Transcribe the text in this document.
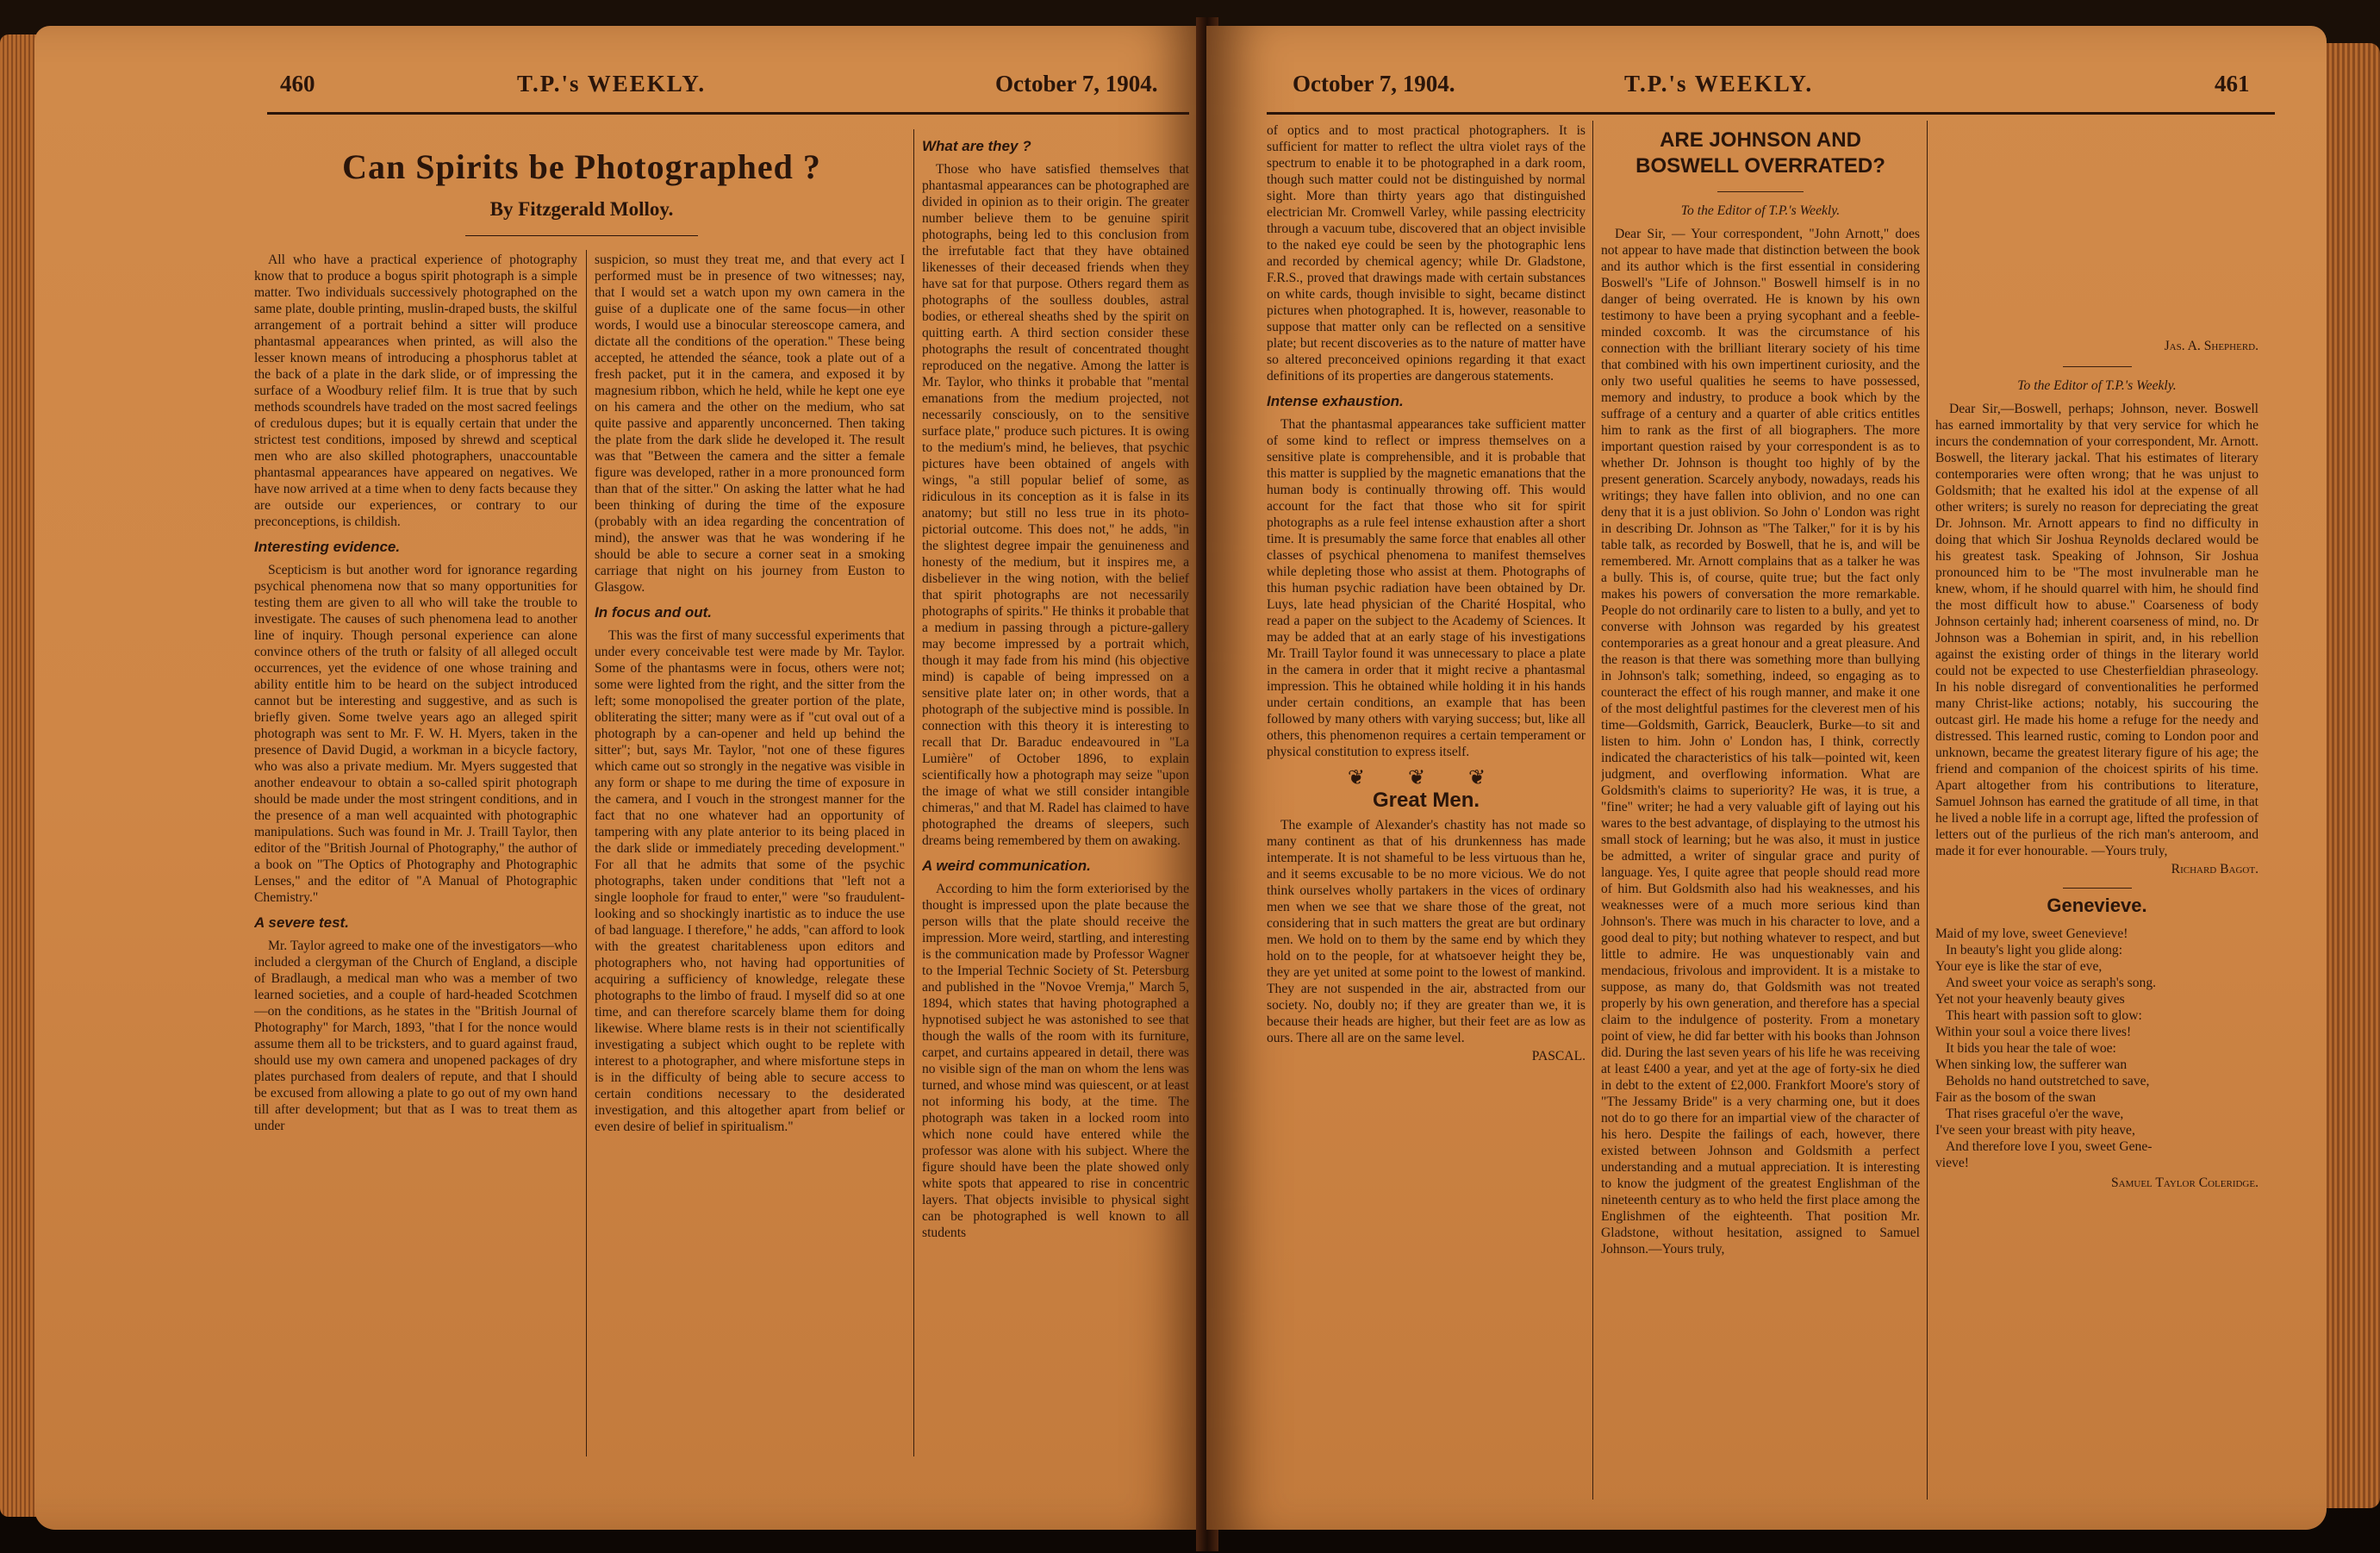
460	T.P.'s WEEKLY.	October 7, 1904.
Can Spirits be Photographed ?
By Fitzgerald Molloy.

All who have a practical experience of photography know that to produce a bogus spirit photograph is a simple matter. Two individuals successively photographed on the same plate, double printing, muslin-draped busts, the skilful arrangement of a portrait behind a sitter will produce phantasmal appearances when printed, as will also the lesser known means of introducing a phosphorus tablet at the back of a plate in the dark slide, or of impressing the surface of a Woodbury relief film. It is true that by such methods scoundrels have traded on the most sacred feelings of credulous dupes; but it is equally certain that under the strictest test conditions, imposed by shrewd and sceptical men who are also skilled photographers, unaccountable phantasmal appearances have appeared on negatives. We have now arrived at a time when to deny facts because they are outside our experiences, or contrary to our preconceptions, is childish.

Interesting evidence.

Scepticism is but another word for ignorance regarding psychical phenomena now that so many opportunities for testing them are given to all who will take the trouble to investigate. The causes of such phenomena lead to another line of inquiry. Though personal experience can alone convince others of the truth or falsity of all alleged occult occurrences, yet the evidence of one whose training and ability entitle him to be heard on the subject introduced cannot but be interesting and suggestive, and as such is briefly given. Some twelve years ago an alleged spirit photograph was sent to Mr. F. W. H. Myers, taken in the presence of David Dugid, a workman in a bicycle factory, who was also a private medium. Mr. Myers suggested that another endeavour to obtain a so-called spirit photograph should be made under the most stringent conditions, and in the presence of a man well acquainted with photographic manipulations. Such was found in Mr. J. Traill Taylor, then editor of the "British Journal of Photography," the author of a book on "The Optics of Photography and Photographic Lenses," and the editor of "A Manual of Photographic Chemistry."

A severe test.

Mr. Taylor agreed to make one of the investigators—who included a clergyman of the Church of England, a disciple of Bradlaugh, a medical man who was a member of two learned societies, and a couple of hard-headed Scotchmen —on the conditions, as he states in the "British Journal of Photography" for March, 1893, "that I for the nonce would assume them all to be tricksters, and to guard against fraud, should use my own camera and unopened packages of dry plates purchased from dealers of repute, and that I should be excused from allowing a plate to go out of my own hand till after development; but that as I was to treat them as under

suspicion, so must they treat me, and that every act I performed must be in presence of two witnesses; nay, that I would set a watch upon my own camera in the guise of a duplicate one of the same focus—in other words, I would use a binocular stereoscope camera, and dictate all the conditions of the operation." These being accepted, he attended the séance, took a plate out of a fresh packet, put it in the camera, and exposed it by magnesium ribbon, which he held, while he kept one eye on his camera and the other on the medium, who sat quite passive and apparently unconcerned. Then taking the plate from the dark slide he developed it. The result was that "Between the camera and the sitter a female figure was developed, rather in a more pronounced form than that of the sitter." On asking the latter what he had been thinking of during the time of the exposure (probably with an idea regarding the concentration of mind), the answer was that he was wondering if he should be able to secure a corner seat in a smoking carriage that night on his journey from Euston to Glasgow.

In focus and out.

This was the first of many successful experiments that under every conceivable test were made by Mr. Taylor. Some of the phantasms were in focus, others were not; some were lighted from the right, and the sitter from the left; some monopolised the greater portion of the plate, obliterating the sitter; many were as if "cut oval out of a photograph by a can-opener and held up behind the sitter"; but, says Mr. Taylor, "not one of these figures which came out so strongly in the negative was visible in any form or shape to me during the time of exposure in the camera, and I vouch in the strongest manner for the fact that no one whatever had an opportunity of tampering with any plate anterior to its being placed in the dark slide or immediately preceding development." For all that he admits that some of the psychic photographs, taken under conditions that "left not a single loophole for fraud to enter," were "so fraudulent-looking and so shockingly inartistic as to induce the use of bad language. I therefore," he adds, "can afford to look with the greatest charitableness upon editors and photographers who, not having had opportunities of acquiring a sufficiency of knowledge, relegate these photographs to the limbo of fraud. I myself did so at one time, and can therefore scarcely blame them for doing likewise. Where blame rests is in their not scientifically investigating a subject which ought to be replete with interest to a photographer, and where misfortune steps in is in the difficulty of being able to secure access to certain conditions necessary to the desiderated investigation, and this altogether apart from belief or even desire of belief in spiritualism."

What are they ?

Those who have satisfied themselves that phantasmal appearances can be photographed are divided in opinion as to their origin. The greater number believe them to be genuine spirit photographs, being led to this conclusion from the irrefutable fact that they have obtained likenesses of their deceased friends when they have sat for that purpose. Others regard them as photographs of the soulless doubles, astral bodies, or ethereal sheaths shed by the spirit on quitting earth. A third section consider these photographs the result of concentrated thought reproduced on the negative. Among the latter is Mr. Taylor, who thinks it probable that "mental emanations from the medium projected, not necessarily consciously, on to the sensitive surface plate," produce such pictures. It is owing to the medium's mind, he believes, that psychic pictures have been obtained of angels with wings, "a still popular belief of some, as ridiculous in its conception as it is false in its anatomy; but still no less true in its photo-pictorial outcome. This does not," he adds, "in the slightest degree impair the genuineness and honesty of the medium, but it inspires me, a disbeliever in the wing notion, with the belief that spirit photographs are not necessarily photographs of spirits." He thinks it probable that a medium in passing through a picture-gallery may become impressed by a portrait which, though it may fade from his mind (his objective mind) is capable of being impressed on a sensitive plate later on; in other words, that a photograph of the subjective mind is possible. In connection with this theory it is interesting to recall that Dr. Baraduc endeavoured in "La Lumière" of October 1896, to explain scientifically how a photograph may seize "upon the image of what we still consider intangible chimeras," and that M. Radel has claimed to have photographed the dreams of sleepers, such dreams being remembered by them on awaking.

A weird communication.

According to him the form exteriorised by the thought is impressed upon the plate because the person wills that the plate should receive the impression. More weird, startling, and interesting is the communication made by Professor Wagner to the Imperial Technic Society of St. Petersburg and published in the "Novoe Vremja," March 5, 1894, which states that having photographed a hypnotised subject he was astonished to see that though the walls of the room with its furniture, carpet, and curtains appeared in detail, there was no visible sign of the man on whom the lens was turned, and whose mind was quiescent, or at least not informing his body, at the time. The photograph was taken in a locked room into which none could have entered while the professor was alone with his subject. Where the figure should have been the plate showed only white spots that appeared to rise in concentric layers. That objects invisible to physical sight can be photographed is well known to all students

October 7, 1904.	T.P.'s WEEKLY.	461

of optics and to most practical photographers. It is sufficient for matter to reflect the ultra violet rays of the spectrum to enable it to be photographed in a dark room, though such matter could not be distinguished by normal sight. More than thirty years ago that distinguished electrician Mr. Cromwell Varley, while passing electricity through a vacuum tube, discovered that an object invisible to the naked eye could be seen by the photographic lens and recorded by chemical agency; while Dr. Gladstone, F.R.S., proved that drawings made with certain substances on white cards, though invisible to sight, became distinct pictures when photographed. It is, however, reasonable to suppose that matter only can be reflected on a sensitive plate; but recent discoveries as to the nature of matter have so altered preconceived opinions regarding it that exact definitions of its properties are dangerous statements.

Intense exhaustion.

That the phantasmal appearances take sufficient matter of some kind to reflect or impress themselves on a sensitive plate is comprehensible, and it is probable that this matter is supplied by the magnetic emanations that the human body is continually throwing off. This would account for the fact that those who sit for spirit photographs as a rule feel intense exhaustion after a short time. It is presumably the same force that enables all other classes of psychical phenomena to manifest themselves while depleting those who assist at them. Photographs of this human psychic radiation have been obtained by Dr. Luys, late head physician of the Charité Hospital, who read a paper on the subject to the Academy of Sciences. It may be added that at an early stage of his investigations Mr. Traill Taylor found it was unnecessary to place a plate in the camera in order that it might recive a phantasmal impression. This he obtained while holding it in his hands under certain conditions, an example that has been followed by many others with varying success; but, like all others, this phenomenon requires a certain temperament or physical constitution to express itself.

❦ ❦ ❦
Great Men.

The example of Alexander's chastity has not made so many continent as that of his drunkenness has made intemperate. It is not shameful to be less virtuous than he, and it seems excusable to be no more vicious. We do not think ourselves wholly partakers in the vices of ordinary men when we see that we share those of the great, not considering that in such matters the great are but ordinary men. We hold on to them by the same end by which they hold on to the people, for at whatsoever height they be, they are yet united at some point to the lowest of mankind. They are not suspended in the air, abstracted from our society. No, doubly no; if they are greater than we, it is because their heads are higher, but their feet are as low as ours. There all are on the same level.

PASCAL.

ARE JOHNSON AND BOSWELL OVERRATED?

To the Editor of T.P.'s Weekly.

Dear Sir, — Your correspondent, "John Arnott," does not appear to have made that distinction between the book and its author which is the first essential in considering Boswell's "Life of Johnson." Boswell himself is in no danger of being overrated. He is known by his own testimony to have been a prying sycophant and a feeble-minded coxcomb. It was the circumstance of his connection with the brilliant literary society of his time that combined with his own impertinent curiosity, and the only two useful qualities he seems to have possessed, memory and industry, to produce a book which by the suffrage of a century and a quarter of able critics entitles him to rank as the first of all biographers. The more important question raised by your correspondent is as to whether Dr. Johnson is thought too highly of by the present generation. Scarcely anybody, nowadays, reads his writings; they have fallen into oblivion, and no one can deny that it is a just oblivion. So John o' London was right in describing Dr. Johnson as "The Talker," for it is by his table talk, as recorded by Boswell, that he is, and will be remembered. Mr. Arnott complains that as a talker he was a bully. This is, of course, quite true; but the fact only makes his powers of conversation the more remarkable. People do not ordinarily care to listen to a bully, and yet to converse with Johnson was regarded by his greatest contemporaries as a great honour and a great pleasure. And the reason is that there was something more than bullying in Johnson's talk; something, indeed, so engaging as to counteract the effect of his rough manner, and make it one of the most delightful pastimes for the cleverest men of his time—Goldsmith, Garrick, Beauclerk, Burke—to sit and listen to him. John o' London has, I think, correctly indicated the characteristics of his talk—pointed wit, keen judgment, and overflowing information. What are Goldsmith's claims to superiority? He was, it is true, a "fine" writer; he had a very valuable gift of laying out his wares to the best advantage, of displaying to the utmost his small stock of learning; but he was also, it must in justice be admitted, a writer of singular grace and purity of language. Yes, I quite agree that people should read more of him. But Goldsmith also had his weaknesses, and his weaknesses were of a much more serious kind than Johnson's. There was much in his character to love, and a good deal to pity; but nothing whatever to respect, and but little to admire. He was unquestionably vain and mendacious, frivolous and improvident. It is a mistake to suppose, as many do, that Goldsmith was not treated properly by his own generation, and therefore has a special claim to the indulgence of posterity. From a monetary point of view, he did far better with his books than Johnson did. During the last seven years of his life he was receiving at least £400 a year, and yet at the age of forty-six he died in debt to the extent of £2,000. Frankfort Moore's story of "The Jessamy Bride" is a very charming one, but it does not do to go there for an impartial view of the character of his hero. Despite the failings of each, however, there existed between Johnson and Goldsmith a perfect understanding and a mutual appreciation. It is interesting to know the judgment of the greatest Englishman of the nineteenth century as to who held the first place among the Englishmen of the eighteenth. That position Mr. Gladstone, without hesitation, assigned to Samuel Johnson.—Yours truly,

Jas. A. Shepherd.

To the Editor of T.P.'s Weekly.

Dear Sir,—Boswell, perhaps; Johnson, never. Boswell has earned immortality by that very service for which he incurs the condemnation of your correspondent, Mr. Arnott. Boswell, the literary jackal. That his estimates of literary contemporaries were often wrong; that he was unjust to Goldsmith; that he exalted his idol at the expense of all other writers; is surely no reason for depreciating the great Dr. Johnson. Mr. Arnott appears to find no difficulty in doing that which Sir Joshua Reynolds declared would be his greatest task. Speaking of Johnson, Sir Joshua pronounced him to be "The most invulnerable man he knew, whom, if he should quarrel with him, he should find the most difficult how to abuse." Coarseness of body Johnson certainly had; inherent coarseness of mind, no. Dr Johnson was a Bohemian in spirit, and, in his rebellion against the existing order of things in the literary world could not be expected to use Chesterfieldian phraseology. In his noble disregard of conventionalities he performed many Christ-like actions; notably, his succouring the outcast girl. He made his home a refuge for the needy and distressed. This learned rustic, coming to London poor and unknown, became the greatest literary figure of his age; the friend and companion of the choicest spirits of his time. Apart altogether from his contributions to literature, Samuel Johnson has earned the gratitude of all time, in that he lived a noble life in a corrupt age, lifted the profession of letters out of the purlieus of the rich man's anteroom, and made it for ever honourable. —Yours truly,

Richard Bagot.

Genevieve.

Maid of my love, sweet Genevieve!

In beauty's light you glide along:

Your eye is like the star of eve,

And sweet your voice as seraph's song.

Yet not your heavenly beauty gives

This heart with passion soft to glow:

Within your soul a voice there lives!

It bids you hear the tale of woe:

When sinking low, the sufferer wan

Beholds no hand outstretched to save,

Fair as the bosom of the swan

That rises graceful o'er the wave,

I've seen your breast with pity heave,

And therefore love I you, sweet Gene-

vieve!

Samuel Taylor Coleridge.
